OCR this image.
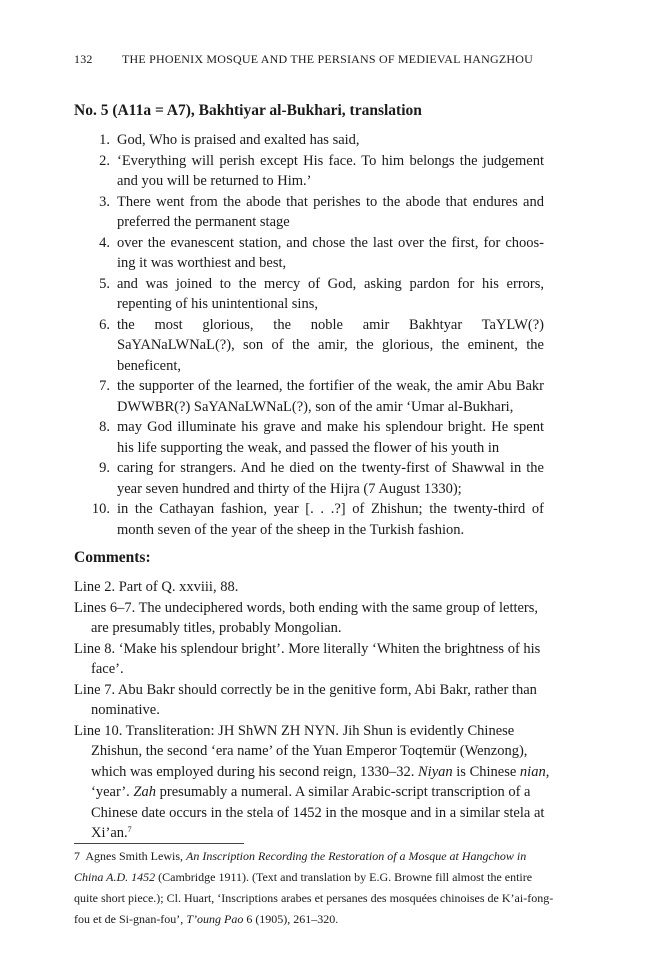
132 THE PHOENIX MOSQUE AND THE PERSIANS OF MEDIEVAL HANGZHOU
No. 5 (A11a = A7), Bakhtiyar al-Bukhari, translation
1. God, Who is praised and exalted has said,
2. ‘Everything will perish except His face. To him belongs the judgement and you will be returned to Him.’
3. There went from the abode that perishes to the abode that endures and preferred the permanent stage
4. over the evanescent station, and chose the last over the first, for choos-ing it was worthiest and best,
5. and was joined to the mercy of God, asking pardon for his errors, repenting of his unintentional sins,
6. the most glorious, the noble amir Bakhtyar TaYLW(?) SaYANaLWNaL(?), son of the amir, the glorious, the eminent, the beneficent,
7. the supporter of the learned, the fortifier of the weak, the amir Abu Bakr DWWBR(?) SaYANaLWNaL(?), son of the amir ‘Umar al-Bukhari,
8. may God illuminate his grave and make his splendour bright. He spent his life supporting the weak, and passed the flower of his youth in
9. caring for strangers. And he died on the twenty-first of Shawwal in the year seven hundred and thirty of the Hijra (7 August 1330);
10. in the Cathayan fashion, year [. . .?] of Zhishun; the twenty-third of month seven of the year of the sheep in the Turkish fashion.
Comments:
Line 2. Part of Q. xxviii, 88.
Lines 6–7. The undeciphered words, both ending with the same group of letters, are presumably titles, probably Mongolian.
Line 8. ‘Make his splendour bright’. More literally ‘Whiten the brightness of his face’.
Line 7. Abu Bakr should correctly be in the genitive form, Abi Bakr, rather than nominative.
Line 10. Transliteration: JH ShWN ZH NYN. Jih Shun is evidently Chinese Zhishun, the second ‘era name’ of the Yuan Emperor Toqtemür (Wenzong), which was employed during his second reign, 1330–32. Niyan is Chinese nian, ‘year’. Zah presumably a numeral. A similar Arabic-script transcription of a Chinese date occurs in the stela of 1452 in the mosque and in a similar stela at Xi’an.$^7$

7 Agnes Smith Lewis, An Inscription Recording the Restoration of a Mosque at Hangchow in China A.D. 1452 (Cambridge 1911). (Text and translation by E.G. Browne fill almost the entire quite short piece.); Cl. Huart, ‘Inscriptions arabes et persanes des mosquées chinoises de K’ai-fong-fou et de Si-gnan-fou’, T’oung Pao 6 (1905), 261–320.
